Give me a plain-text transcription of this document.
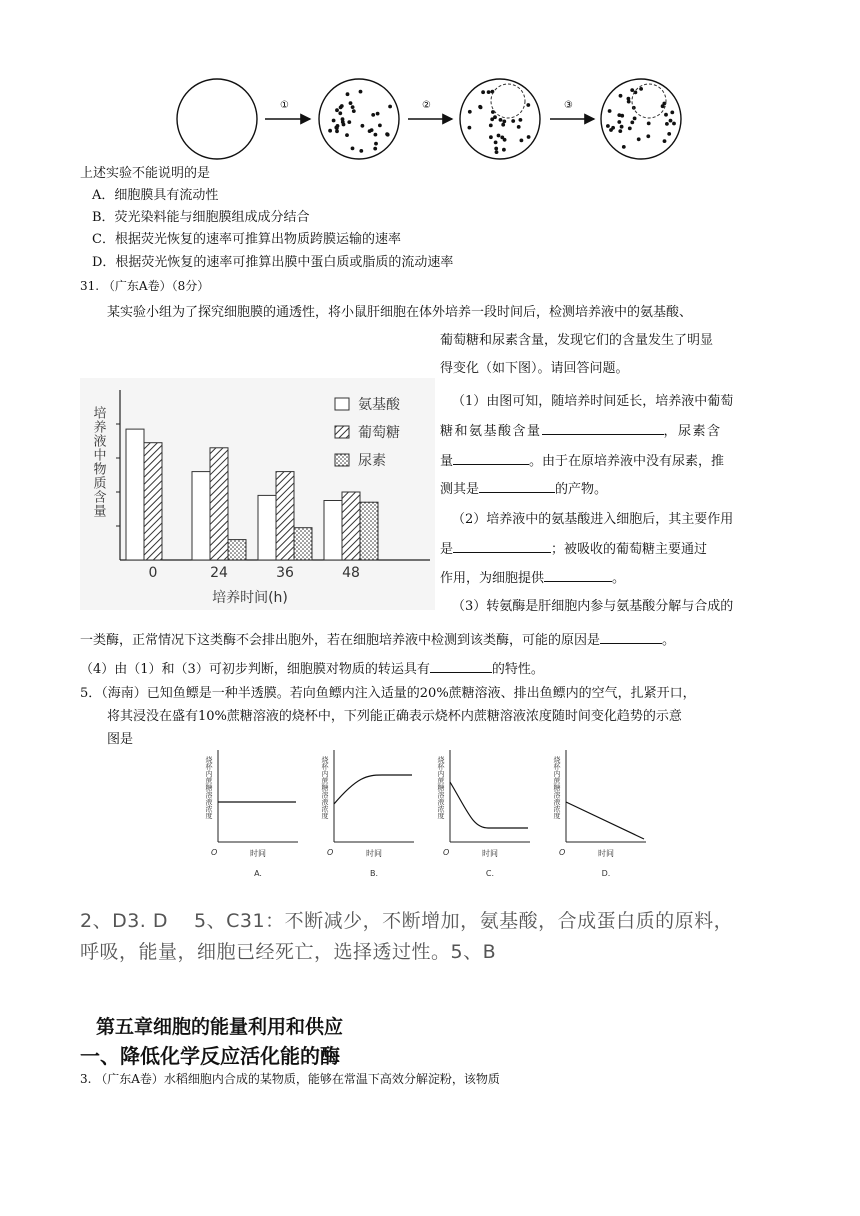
①	②	③
上述实验不能说明的是
A．细胞膜具有流动性
B．荧光染料能与细胞膜组成成分结合
C．根据荧光恢复的速率可推算出物质跨膜运输的速率
D．根据荧光恢复的速率可推算出膜中蛋白质或脂质的流动速率
31. （广东A卷）（8分）
某实验小组为了探究细胞膜的通透性，将小鼠肝细胞在体外培养一段时间后，检测培养液中的氨基酸、
葡萄糖和尿素含量，发现它们的含量发生了明显
得变化（如下图）。请回答问题。
（1）由图可知，随培养时间延长，培养液中葡萄
糖和氨基酸含量	，尿素含
量	。由于在原培养液中没有尿素，推
测其是	的产物。
（2）培养液中的氨基酸进入细胞后，其主要作用
是	；被吸收的葡萄糖主要通过
作用，为细胞提供	。
（3）转氨酶是肝细胞内参与氨基酸分解与合成的
一类酶，正常情况下这类酶不会排出胞外，若在细胞培养液中检测到该类酶，可能的原因是	。
（4）由（1）和（3）可初步判断，细胞膜对物质的转运具有	的特性。
培养液中物质含量
0	24	36	48
培养时间(h)
氨基酸
葡萄糖
尿素
5．（海南）已知鱼鳔是一种半透膜。若向鱼鳔内注入适量的20%蔗糖溶液、排出鱼鳔内的空气，扎紧开口，
将其浸没在盛有10%蔗糖溶液的烧杯中，下列能正确表示烧杯内蔗糖溶液浓度随时间变化趋势的示意
图是
烧杯内蔗糖溶液浓度
O	时间
A.
烧杯内蔗糖溶液浓度
O	时间
B.
烧杯内蔗糖溶液浓度
O	时间
C.
烧杯内蔗糖溶液浓度
O	时间
D.
2、D3. D　 5、C31：不断减少，不断增加，氨基酸，合成蛋白质的原料，
呼吸，能量，细胞已经死亡，选择透过性。5、B
第五章细胞的能量利用和供应
一、降低化学反应活化能的酶
3. （广东A卷）水稻细胞内合成的某物质，能够在常温下高效分解淀粉，该物质
